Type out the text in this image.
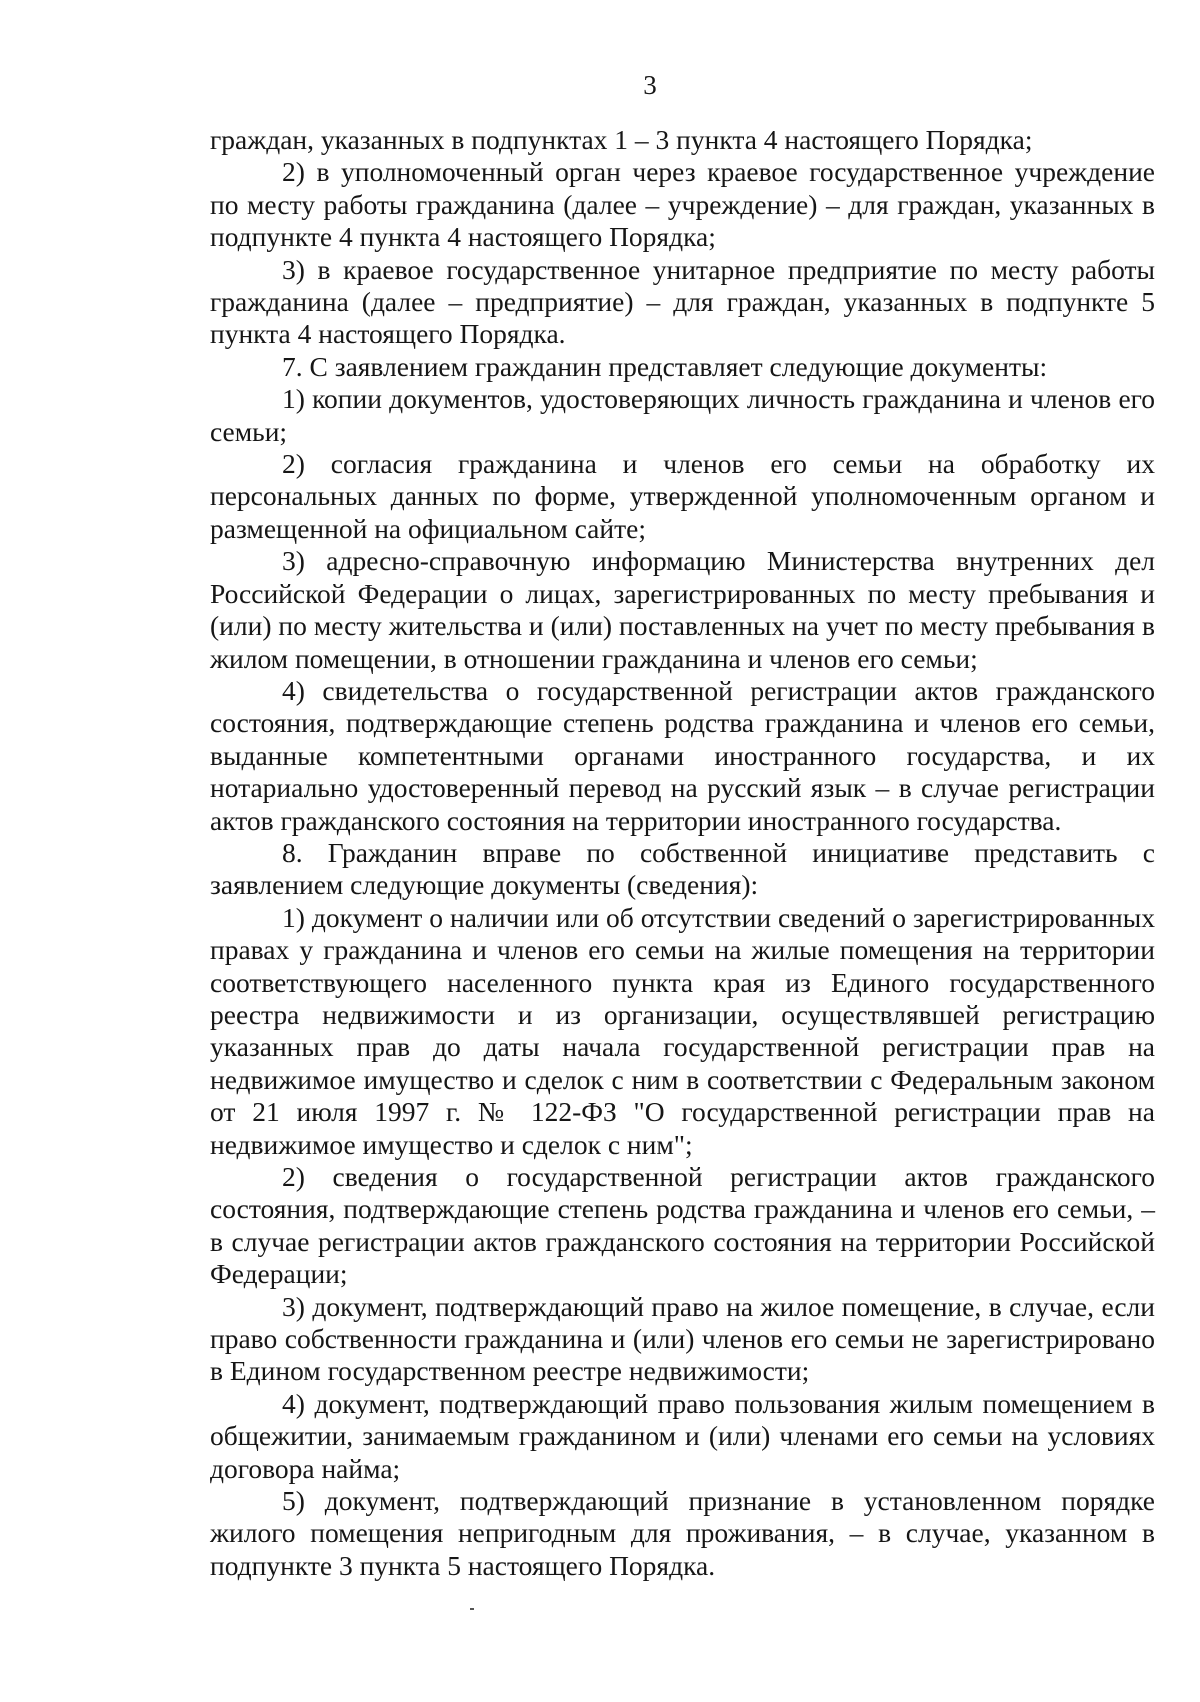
3

граждан, указанных в подпунктах 1 – 3 пункта 4 настоящего Порядка;

2) в уполномоченный орган через краевое государственное учреждение по месту работы гражданина (далее – учреждение) – для граждан, указанных в подпункте 4 пункта 4 настоящего Порядка;

3) в краевое государственное унитарное предприятие по месту работы гражданина (далее – предприятие) – для граждан, указанных в подпункте 5 пункта 4 настоящего Порядка.

7. С заявлением гражданин представляет следующие документы:

1) копии документов, удостоверяющих личность гражданина и членов его семьи;

2) согласия гражданина и членов его семьи на обработку их персональных данных по форме, утвержденной уполномоченным органом и размещенной на официальном сайте;

3) адресно-справочную информацию Министерства внутренних дел Российской Федерации о лицах, зарегистрированных по месту пребывания и (или) по месту жительства и (или) поставленных на учет по месту пребывания в жилом помещении, в отношении гражданина и членов его семьи;

4) свидетельства о государственной регистрации актов гражданского состояния, подтверждающие степень родства гражданина и членов его семьи, выданные компетентными органами иностранного государства, и их нотариально удостоверенный перевод на русский язык – в случае регистрации актов гражданского состояния на территории иностранного государства.

8. Гражданин вправе по собственной инициативе представить с заявлением следующие документы (сведения):

1) документ о наличии или об отсутствии сведений о зарегистрированных правах у гражданина и членов его семьи на жилые помещения на территории соответствующего населенного пункта края из Единого государственного реестра недвижимости и из организации, осуществлявшей регистрацию указанных прав до даты начала государственной регистрации прав на недвижимое имущество и сделок с ним в соответствии с Федеральным законом от 21 июля 1997 г. № 122-ФЗ "О государственной регистрации прав на недвижимое имущество и сделок с ним";

2) сведения о государственной регистрации актов гражданского состояния, подтверждающие степень родства гражданина и членов его семьи, – в случае регистрации актов гражданского состояния на территории Российской Федерации;

3) документ, подтверждающий право на жилое помещение, в случае, если право собственности гражданина и (или) членов его семьи не зарегистрировано в Едином государственном реестре недвижимости;

4) документ, подтверждающий право пользования жилым помещением в общежитии, занимаемым гражданином и (или) членами его семьи на условиях договора найма;

5) документ, подтверждающий признание в установленном порядке жилого помещения непригодным для проживания, – в случае, указанном в подпункте 3 пункта 5 настоящего Порядка.
